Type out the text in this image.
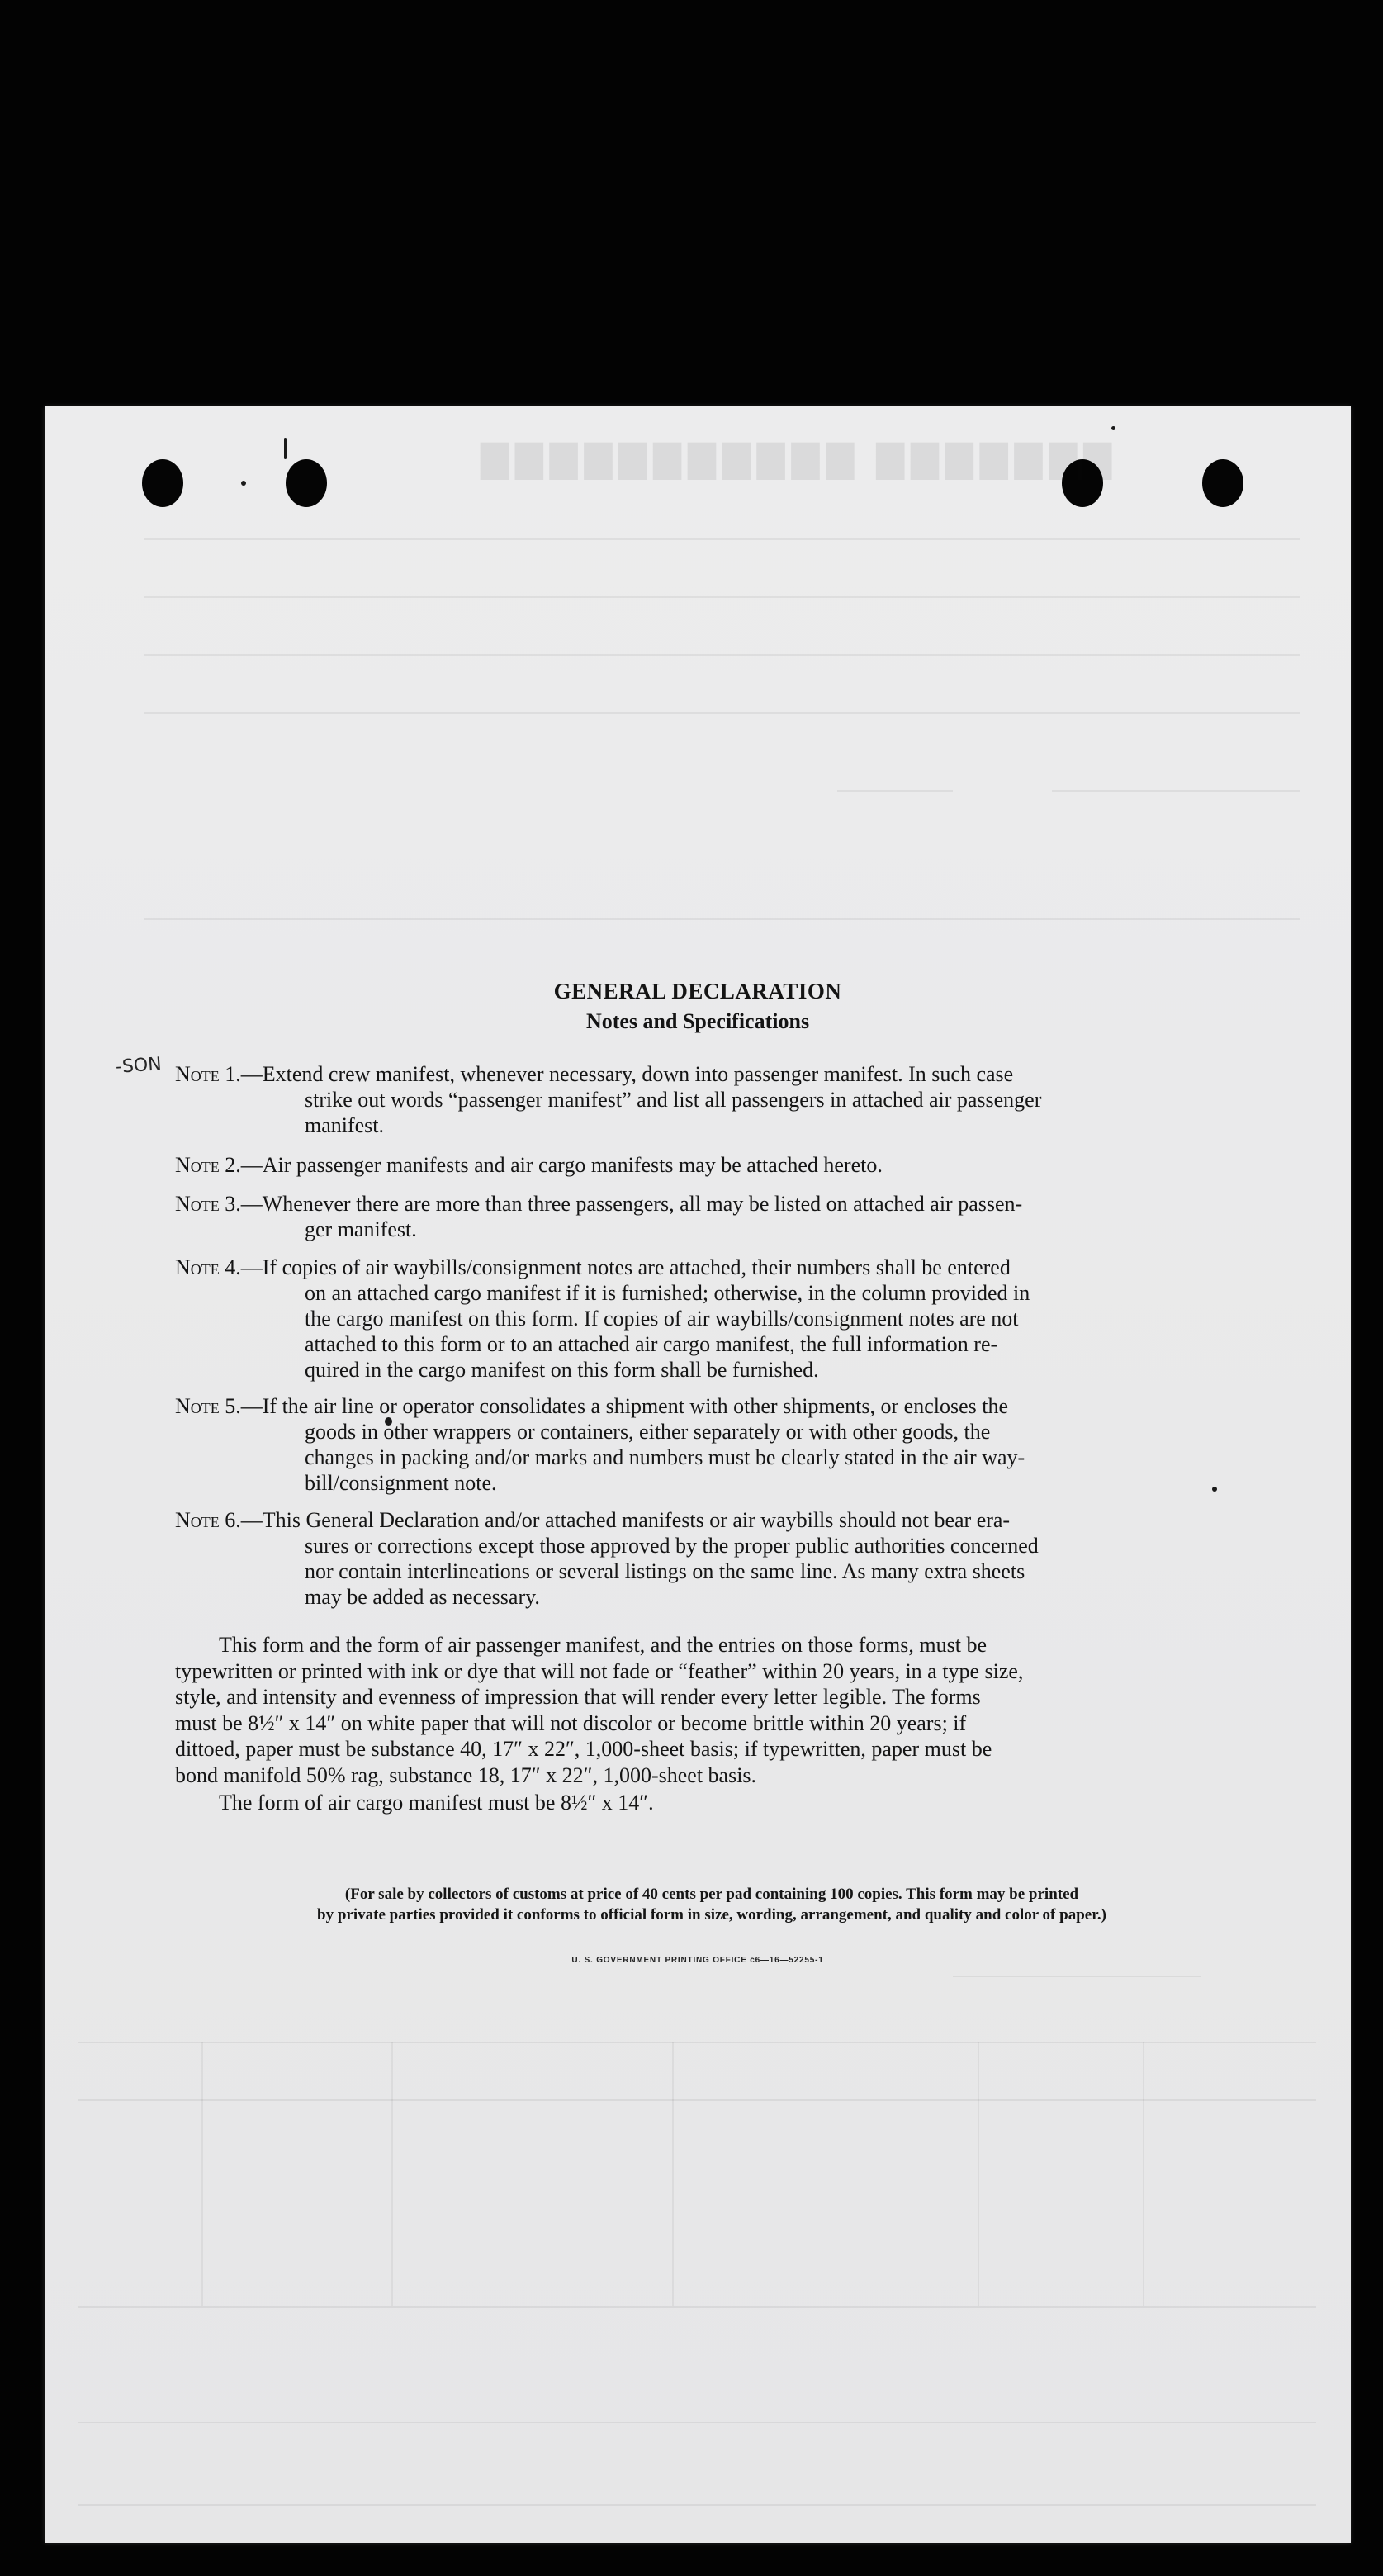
▇▇▇▇▇▇▇ ▇▇▇▇▇▇▇▇▇▇▇
-SON
GENERAL DECLARATION
Notes and Specifications
Note 1.—Extend crew manifest, whenever necessary, down into passenger manifest. In such case
strike out words “passenger manifest” and list all passengers in attached air passenger
manifest.
Note 2.—Air passenger manifests and air cargo manifests may be attached hereto.
Note 3.—Whenever there are more than three passengers, all may be listed on attached air passen-
ger manifest.
Note 4.—If copies of air waybills/consignment notes are attached, their numbers shall be entered
on an attached cargo manifest if it is furnished; otherwise, in the column provided in
the cargo manifest on this form. If copies of air waybills/consignment notes are not
attached to this form or to an attached air cargo manifest, the full information re-
quired in the cargo manifest on this form shall be furnished.
Note 5.—If the air line or operator consolidates a shipment with other shipments, or encloses the
goods in other wrappers or containers, either separately or with other goods, the
changes in packing and/or marks and numbers must be clearly stated in the air way-
bill/consignment note.
Note 6.—This General Declaration and/or attached manifests or air waybills should not bear era-
sures or corrections except those approved by the proper public authorities concerned
nor contain interlineations or several listings on the same line. As many extra sheets
may be added as necessary.
This form and the form of air passenger manifest, and the entries on those forms, must be
typewritten or printed with ink or dye that will not fade or “feather” within 20 years, in a type size,
style, and intensity and evenness of impression that will render every letter legible. The forms
must be 8½″ x 14″ on white paper that will not discolor or become brittle within 20 years; if
dittoed, paper must be substance 40, 17″ x 22″, 1,000-sheet basis; if typewritten, paper must be
bond manifold 50% rag, substance 18, 17″ x 22″, 1,000-sheet basis.
The form of air cargo manifest must be 8½″ x 14″.
(For sale by collectors of customs at price of 40 cents per pad containing 100 copies. This form may be printed
by private parties provided it conforms to official form in size, wording, arrangement, and quality and color of paper.)
U. S. GOVERNMENT PRINTING OFFICE c6—16—52255-1
